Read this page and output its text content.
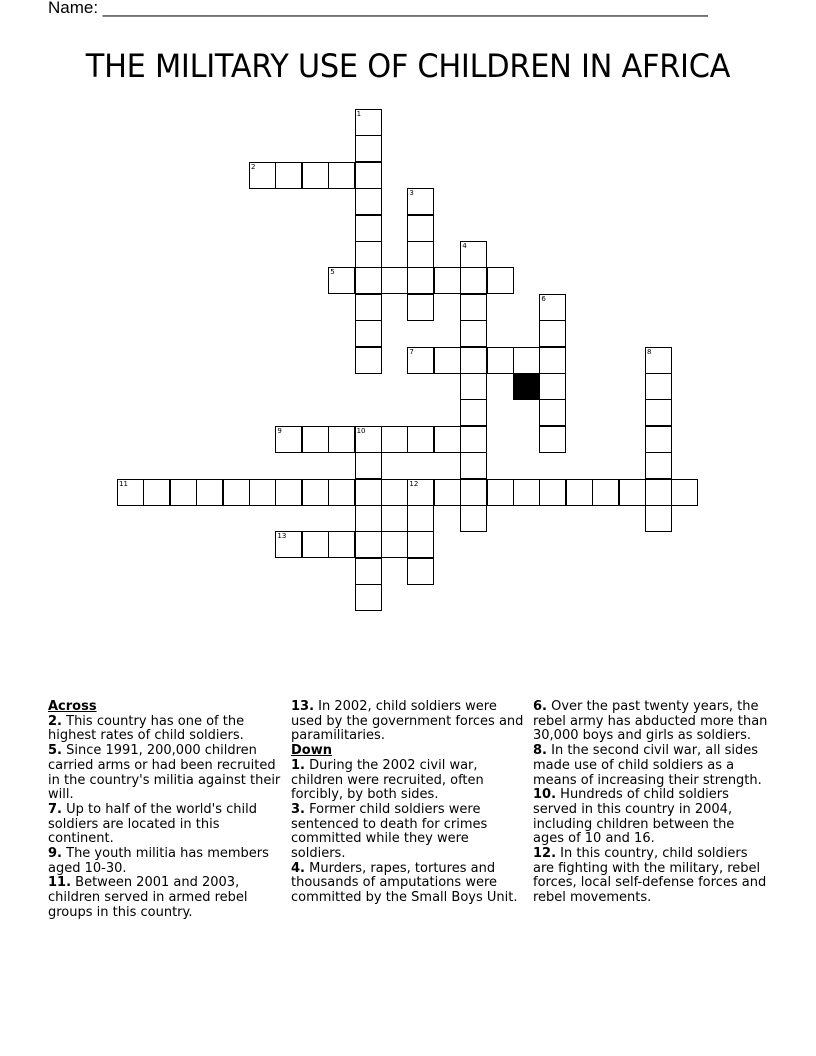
Name: ________________________________________________________________
THE MILITARY USE OF CHILDREN IN AFRICA
1
2
3
4
5
6
7	8
9	10
11	12
13
Across
2. This country has one of the highest rates of child soldiers.
5. Since 1991, 200,000 children carried arms or had been recruited in the country's militia against their will.
7. Up to half of the world's child soldiers are located in this continent.
9. The youth militia has members aged 10-30.
11. Between 2001 and 2003, children served in armed rebel groups in this country.
13. In 2002, child soldiers were used by the government forces and paramilitaries.
Down
1. During the 2002 civil war, children were recruited, often forcibly, by both sides.
3. Former child soldiers were sentenced to death for crimes committed while they were soldiers.
4. Murders, rapes, tortures and thousands of amputations were committed by the Small Boys Unit.
6. Over the past twenty years, the rebel army has abducted more than 30,000 boys and girls as soldiers.
8. In the second civil war, all sides made use of child soldiers as a means of increasing their strength.
10. Hundreds of child soldiers served in this country in 2004, including children between the ages of 10 and 16.
12. In this country, child soldiers are fighting with the military, rebel forces, local self-defense forces and rebel movements.
